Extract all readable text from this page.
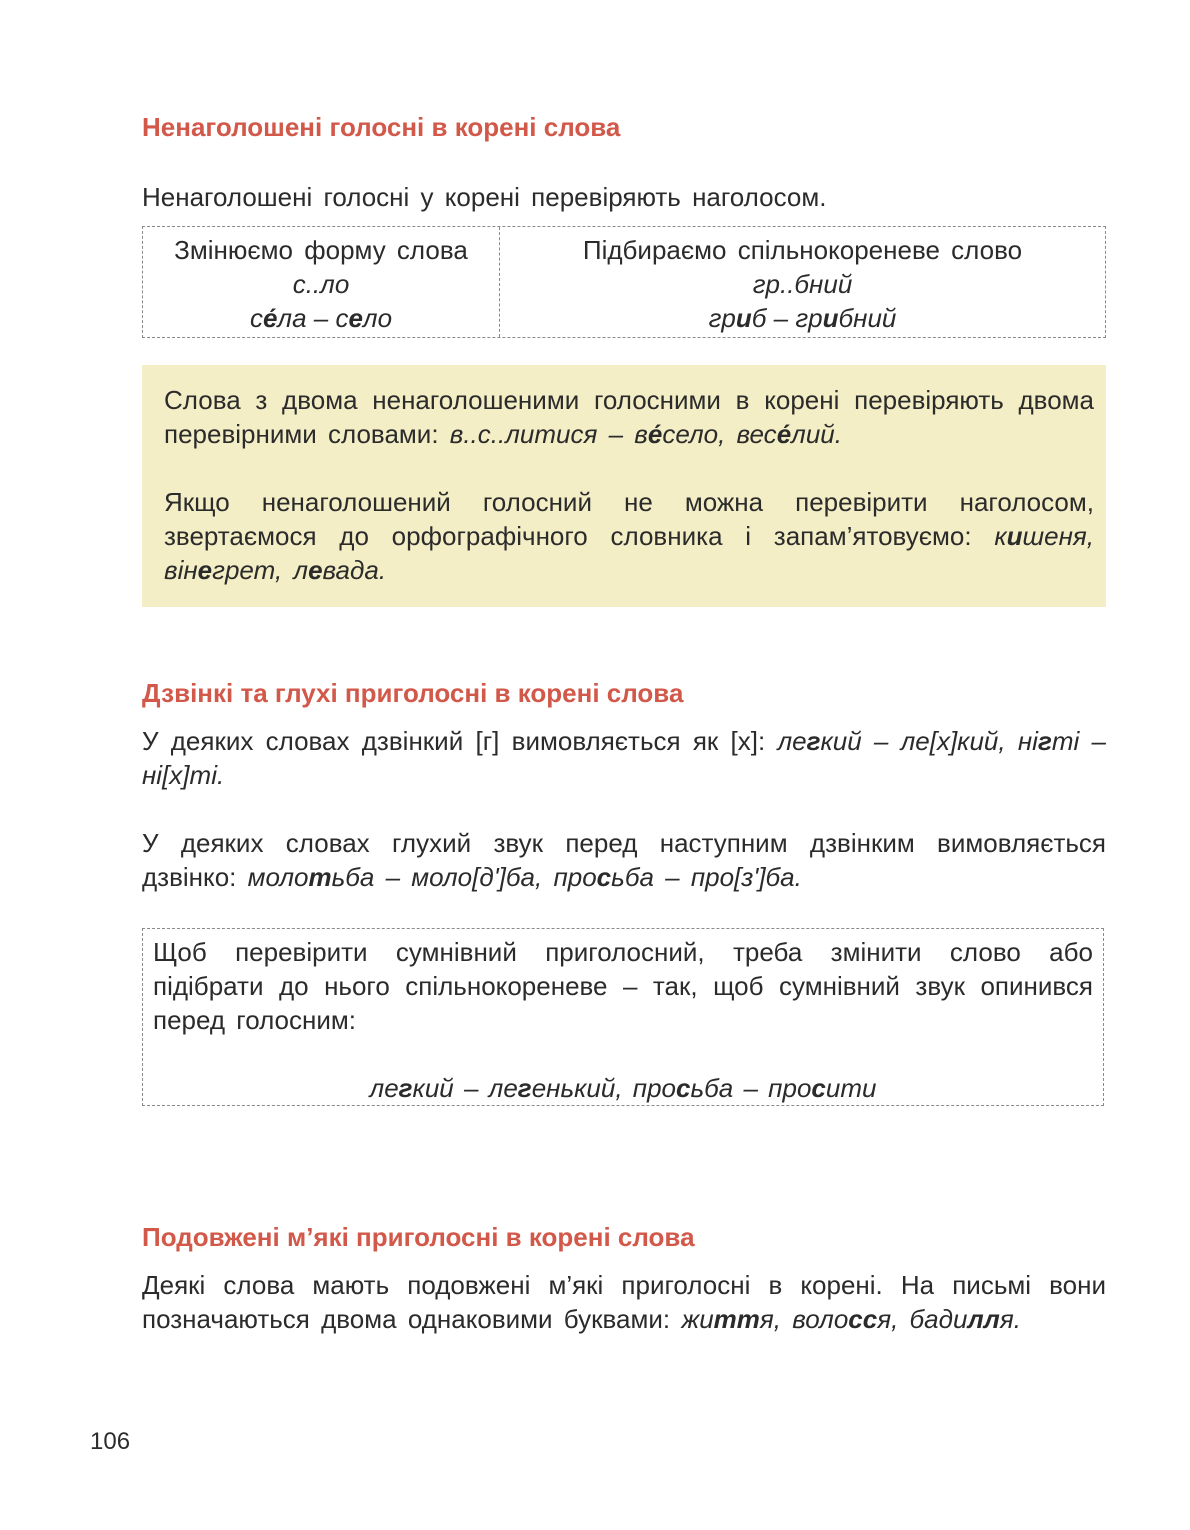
Ненаголошені голосні в корені слова

Ненаголошені голосні у корені перевіряють наголосом.

Змінюємо форму слова
с..ло
се́ла – село
Підбираємо спільнокореневе слово
гр..бний
гриб – грибний

Слова з двома ненаголошеними голосними в корені перевіряють двома перевірними словами: в..с..литися – ве́село, весе́лий.

Якщо ненаголошений голосний не можна перевірити наголосом, звертаємося до орфографічного словника і запам’ятовуємо: кишеня, вінегрет, левада.

Дзвінкі та глухі приголосні в корені слова

У деяких словах дзвінкий [г] вимовляється як [х]: легкий – ле[х]кий, нігті – ні[х]ті.

У деяких словах глухий звук перед наступним дзвінким вимовляється дзвінко: молотьба – моло[д']ба, просьба – про[з']ба.

Щоб перевірити сумнівний приголосний, треба змінити слово або підібрати до нього спільнокореневе – так, щоб сумнівний звук опинився перед голосним:

легкий – легенький, просьба – просити
Подовжені м’які приголосні в корені слова

Деякі слова мають подовжені м’які приголосні в корені. На письмі вони позначаються двома однаковими буквами: життя, волосся, бадилля.

106
